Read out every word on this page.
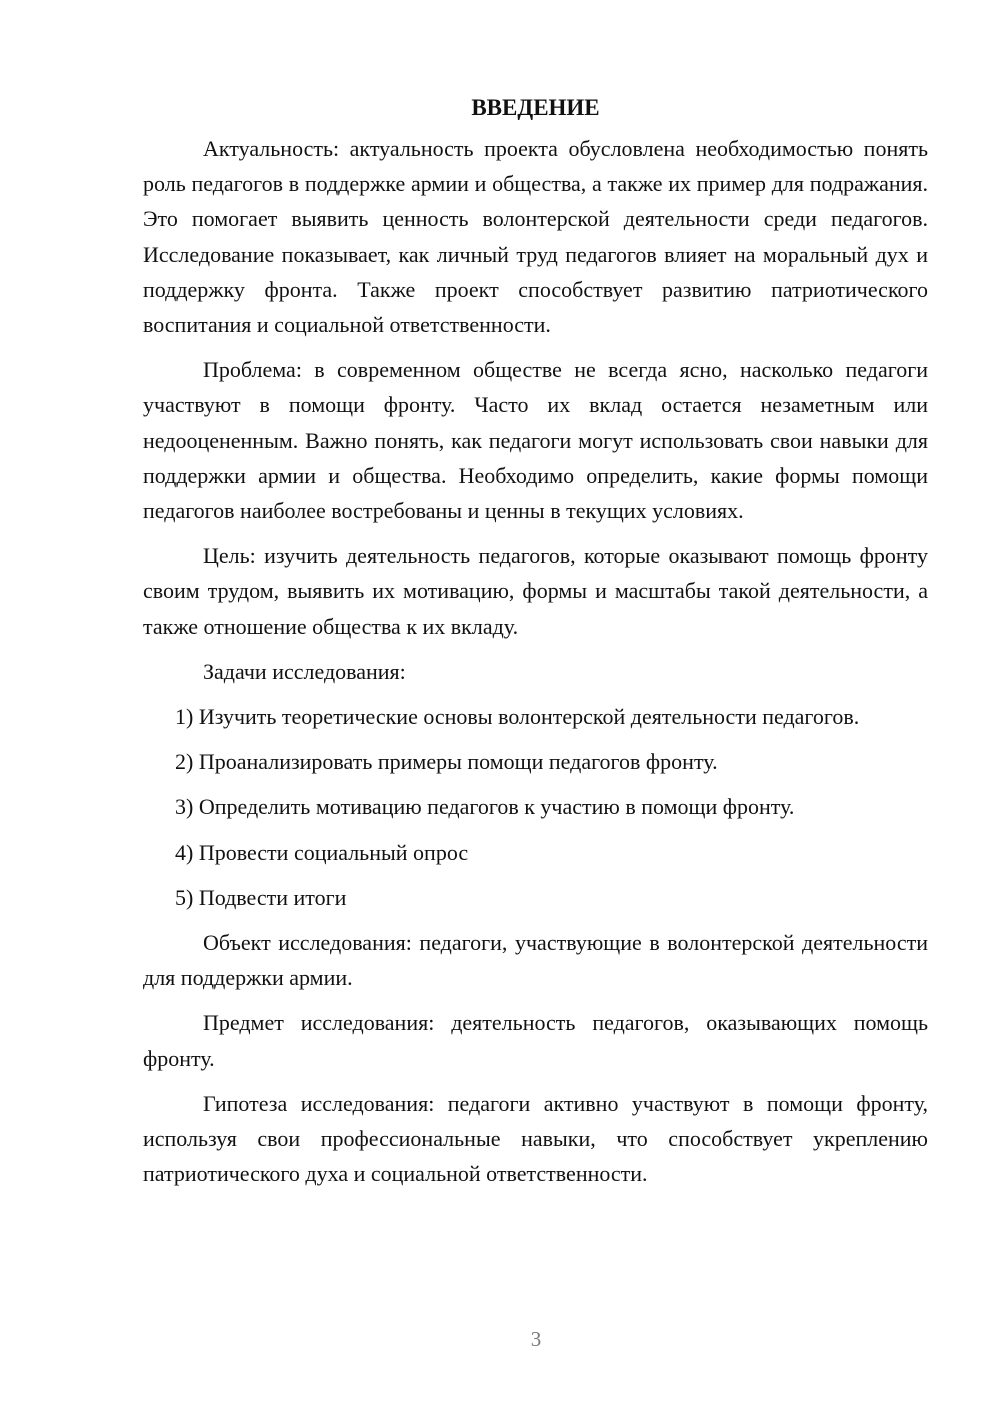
ВВЕДЕНИЕ

Актуальность: актуальность проекта обусловлена необходимостью понять роль педагогов в поддержке армии и общества, а также их пример для подражания. Это помогает выявить ценность волонтерской деятельности среди педагогов. Исследование показывает, как личный труд педагогов влияет на моральный дух и поддержку фронта. Также проект способствует развитию патриотического воспитания и социальной ответственности.

Проблема: в современном обществе не всегда ясно, насколько педагоги участвуют в помощи фронту. Часто их вклад остается незаметным или недооцененным. Важно понять, как педагоги могут использовать свои навыки для поддержки армии и общества. Необходимо определить, какие формы помощи педагогов наиболее востребованы и ценны в текущих условиях.

Цель: изучить деятельность педагогов, которые оказывают помощь фронту своим трудом, выявить их мотивацию, формы и масштабы такой деятельности, а также отношение общества к их вкладу.

Задачи исследования:

1) Изучить теоретические основы волонтерской деятельности педагогов.

2) Проанализировать примеры помощи педагогов фронту.

3) Определить мотивацию педагогов к участию в помощи фронту.

4) Провести социальный опрос

5) Подвести итоги

Объект исследования: педагоги, участвующие в волонтерской деятельности для поддержки армии.

Предмет исследования: деятельность педагогов, оказывающих помощь фронту.

Гипотеза исследования: педагоги активно участвуют в помощи фронту, используя свои профессиональные навыки, что способствует укреплению патриотического духа и социальной ответственности.

3
